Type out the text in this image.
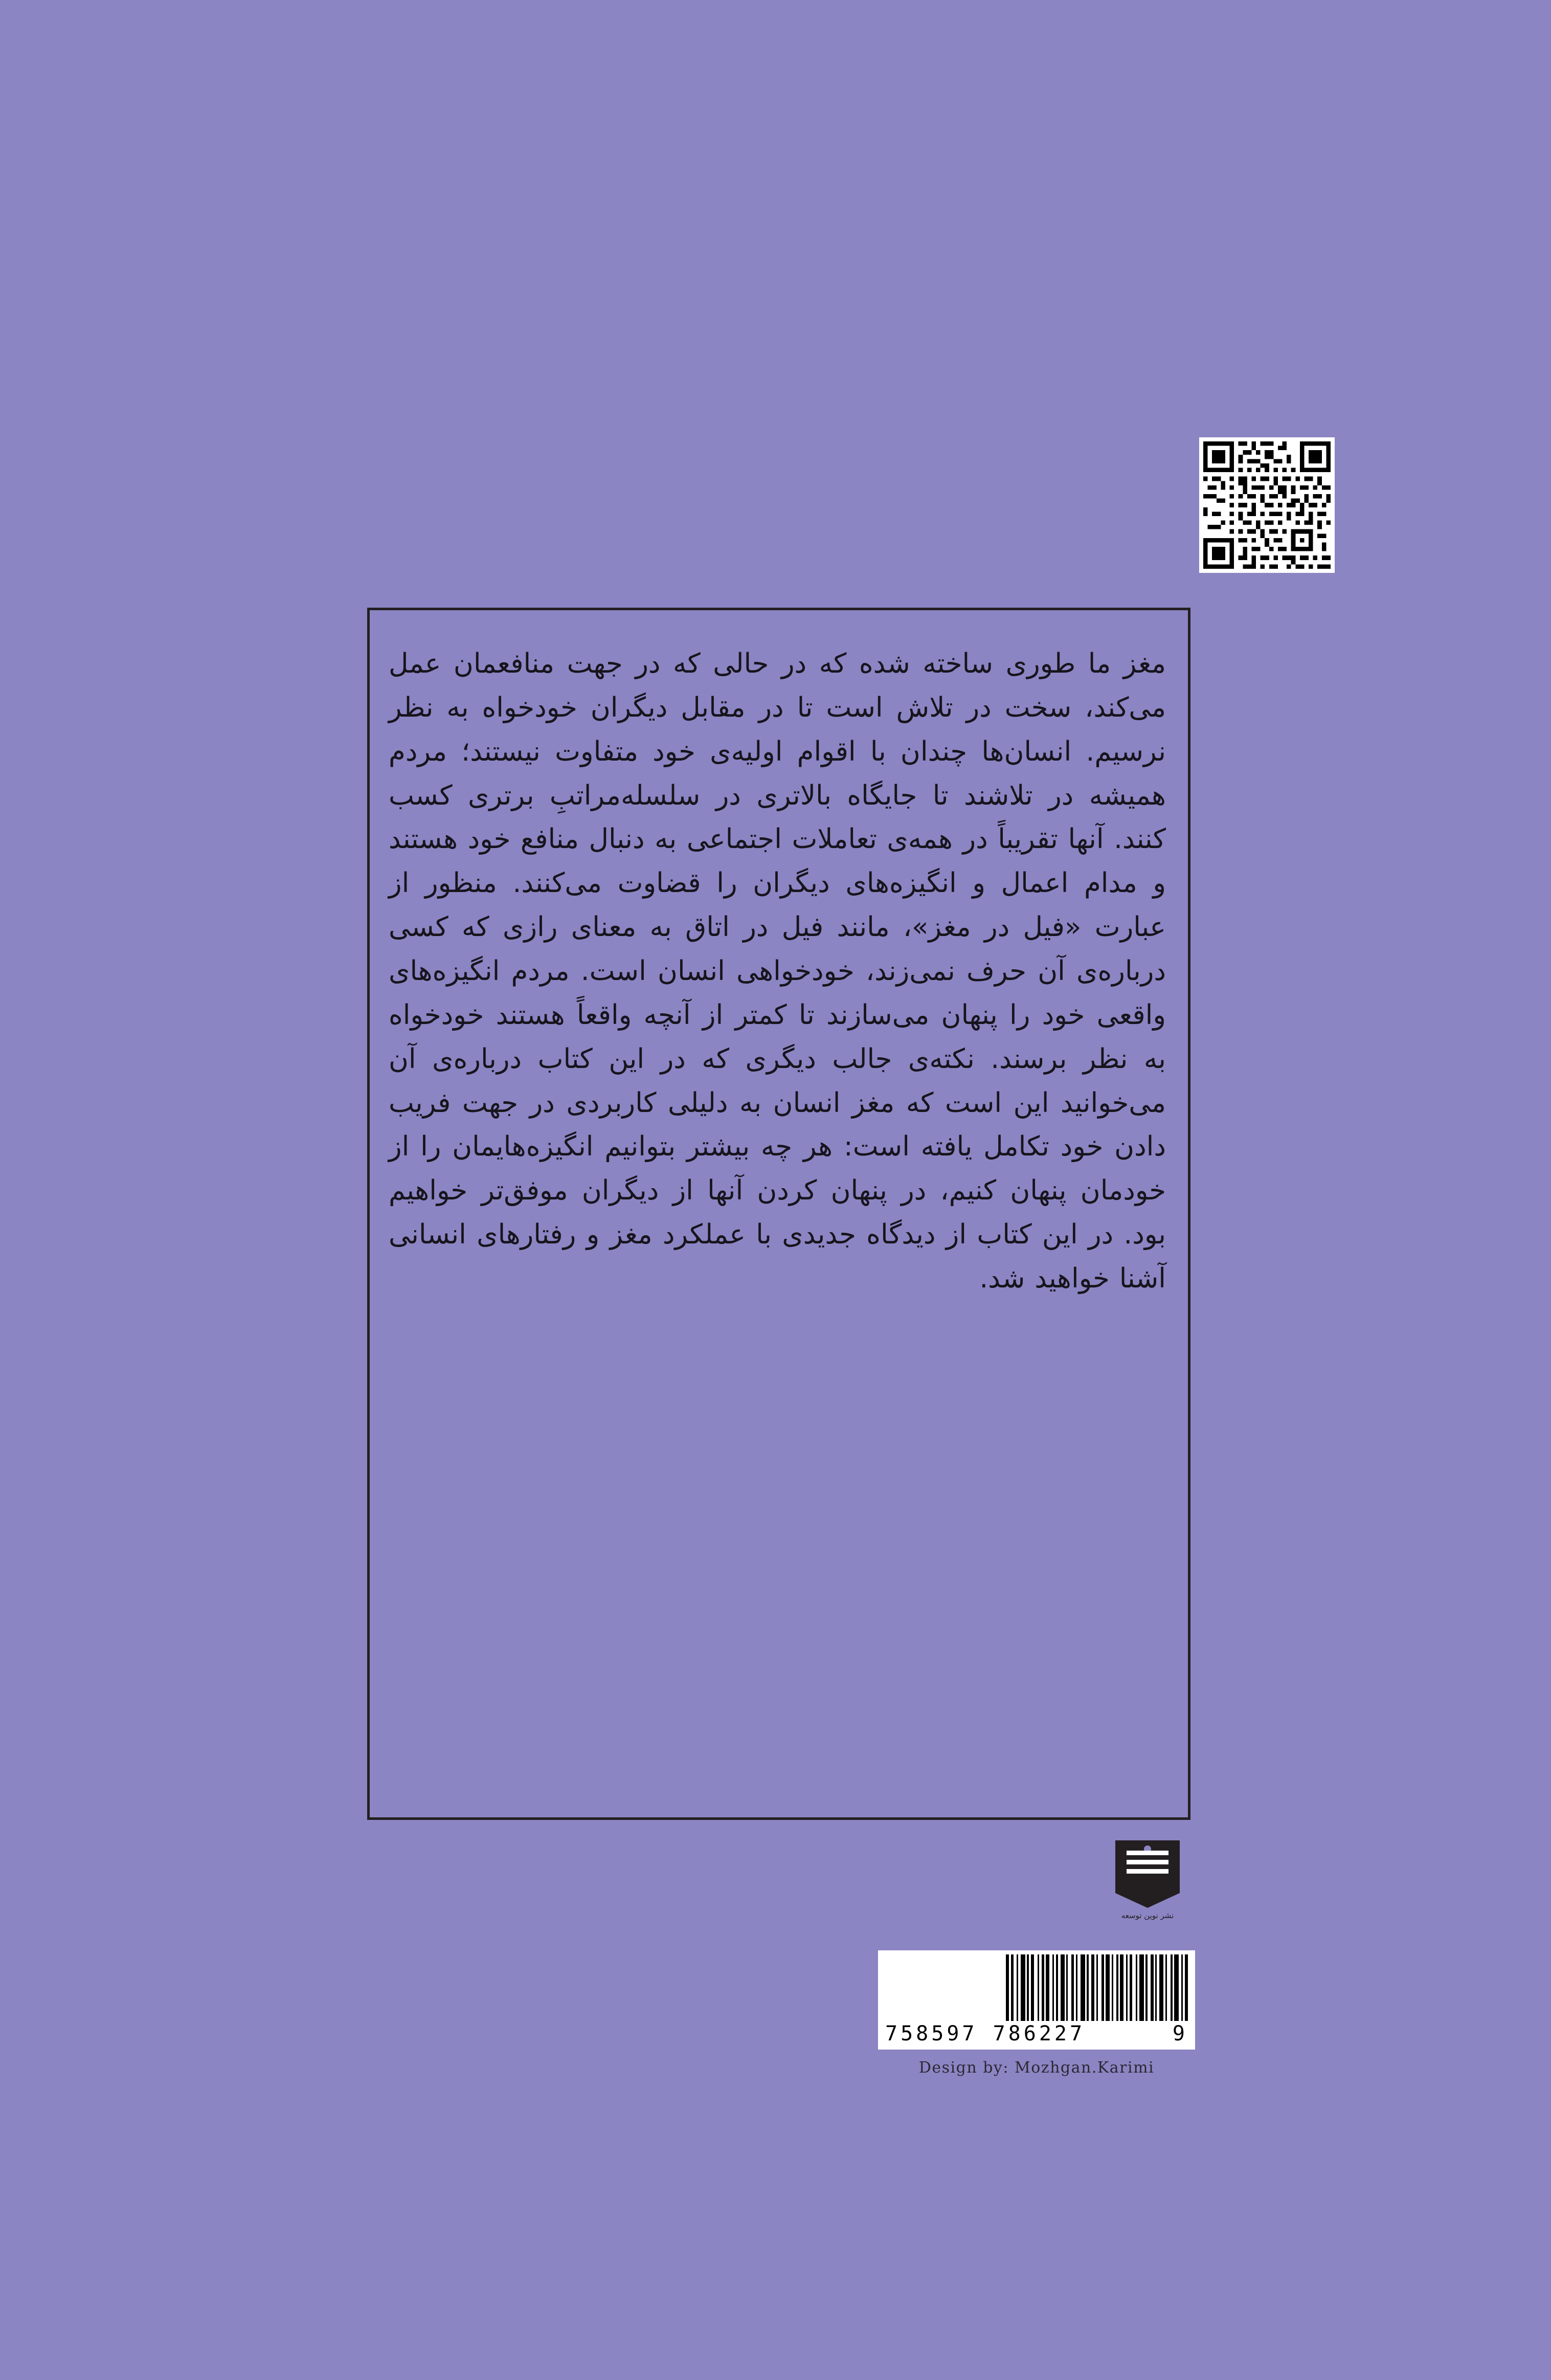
مغز ما طوری ساخته شده که در حالی که در جهت منافعمان عمل می‌کند، سخت در تلاش است تا در مقابل دیگران خودخواه به نظر نرسیم. انسان‌ها چندان با اقوام اولیه‌ی خود متفاوت نیستند؛ مردم همیشه در تلاشند تا جایگاه بالاتری در سلسله‌مراتبِ برتری کسب کنند. آنها تقریباً در همه‌ی تعاملات اجتماعی به دنبال منافع خود هستند و مدام اعمال و انگیزه‌های دیگران را قضاوت می‌کنند. منظور از عبارت «فیل در مغز»، مانند فیل در اتاق به معنای رازی که کسی درباره‌ی آن حرف نمی‌زند، خودخواهی انسان است. مردم انگیزه‌های واقعی خود را پنهان می‌سازند تا کمتر از آنچه واقعاً هستند خودخواه به نظر برسند. نکته‌ی جالب دیگری که در این کتاب درباره‌ی آن می‌خوانید این است که مغز انسان به دلیلی کاربردی در جهت فریب دادن خود تکامل یافته است: هر چه بیشتر بتوانیم انگیزه‌هایمان را از خودمان پنهان کنیم، در پنهان کردن آنها از دیگران موفق‌تر خواهیم بود. در این کتاب از دیدگاه جدیدی با عملکرد مغز و رفتارهای انسانی آشنا خواهید شد.

نشر نوین توسعه
9
786227 758597
Design by: Mozhgan.Karimi
